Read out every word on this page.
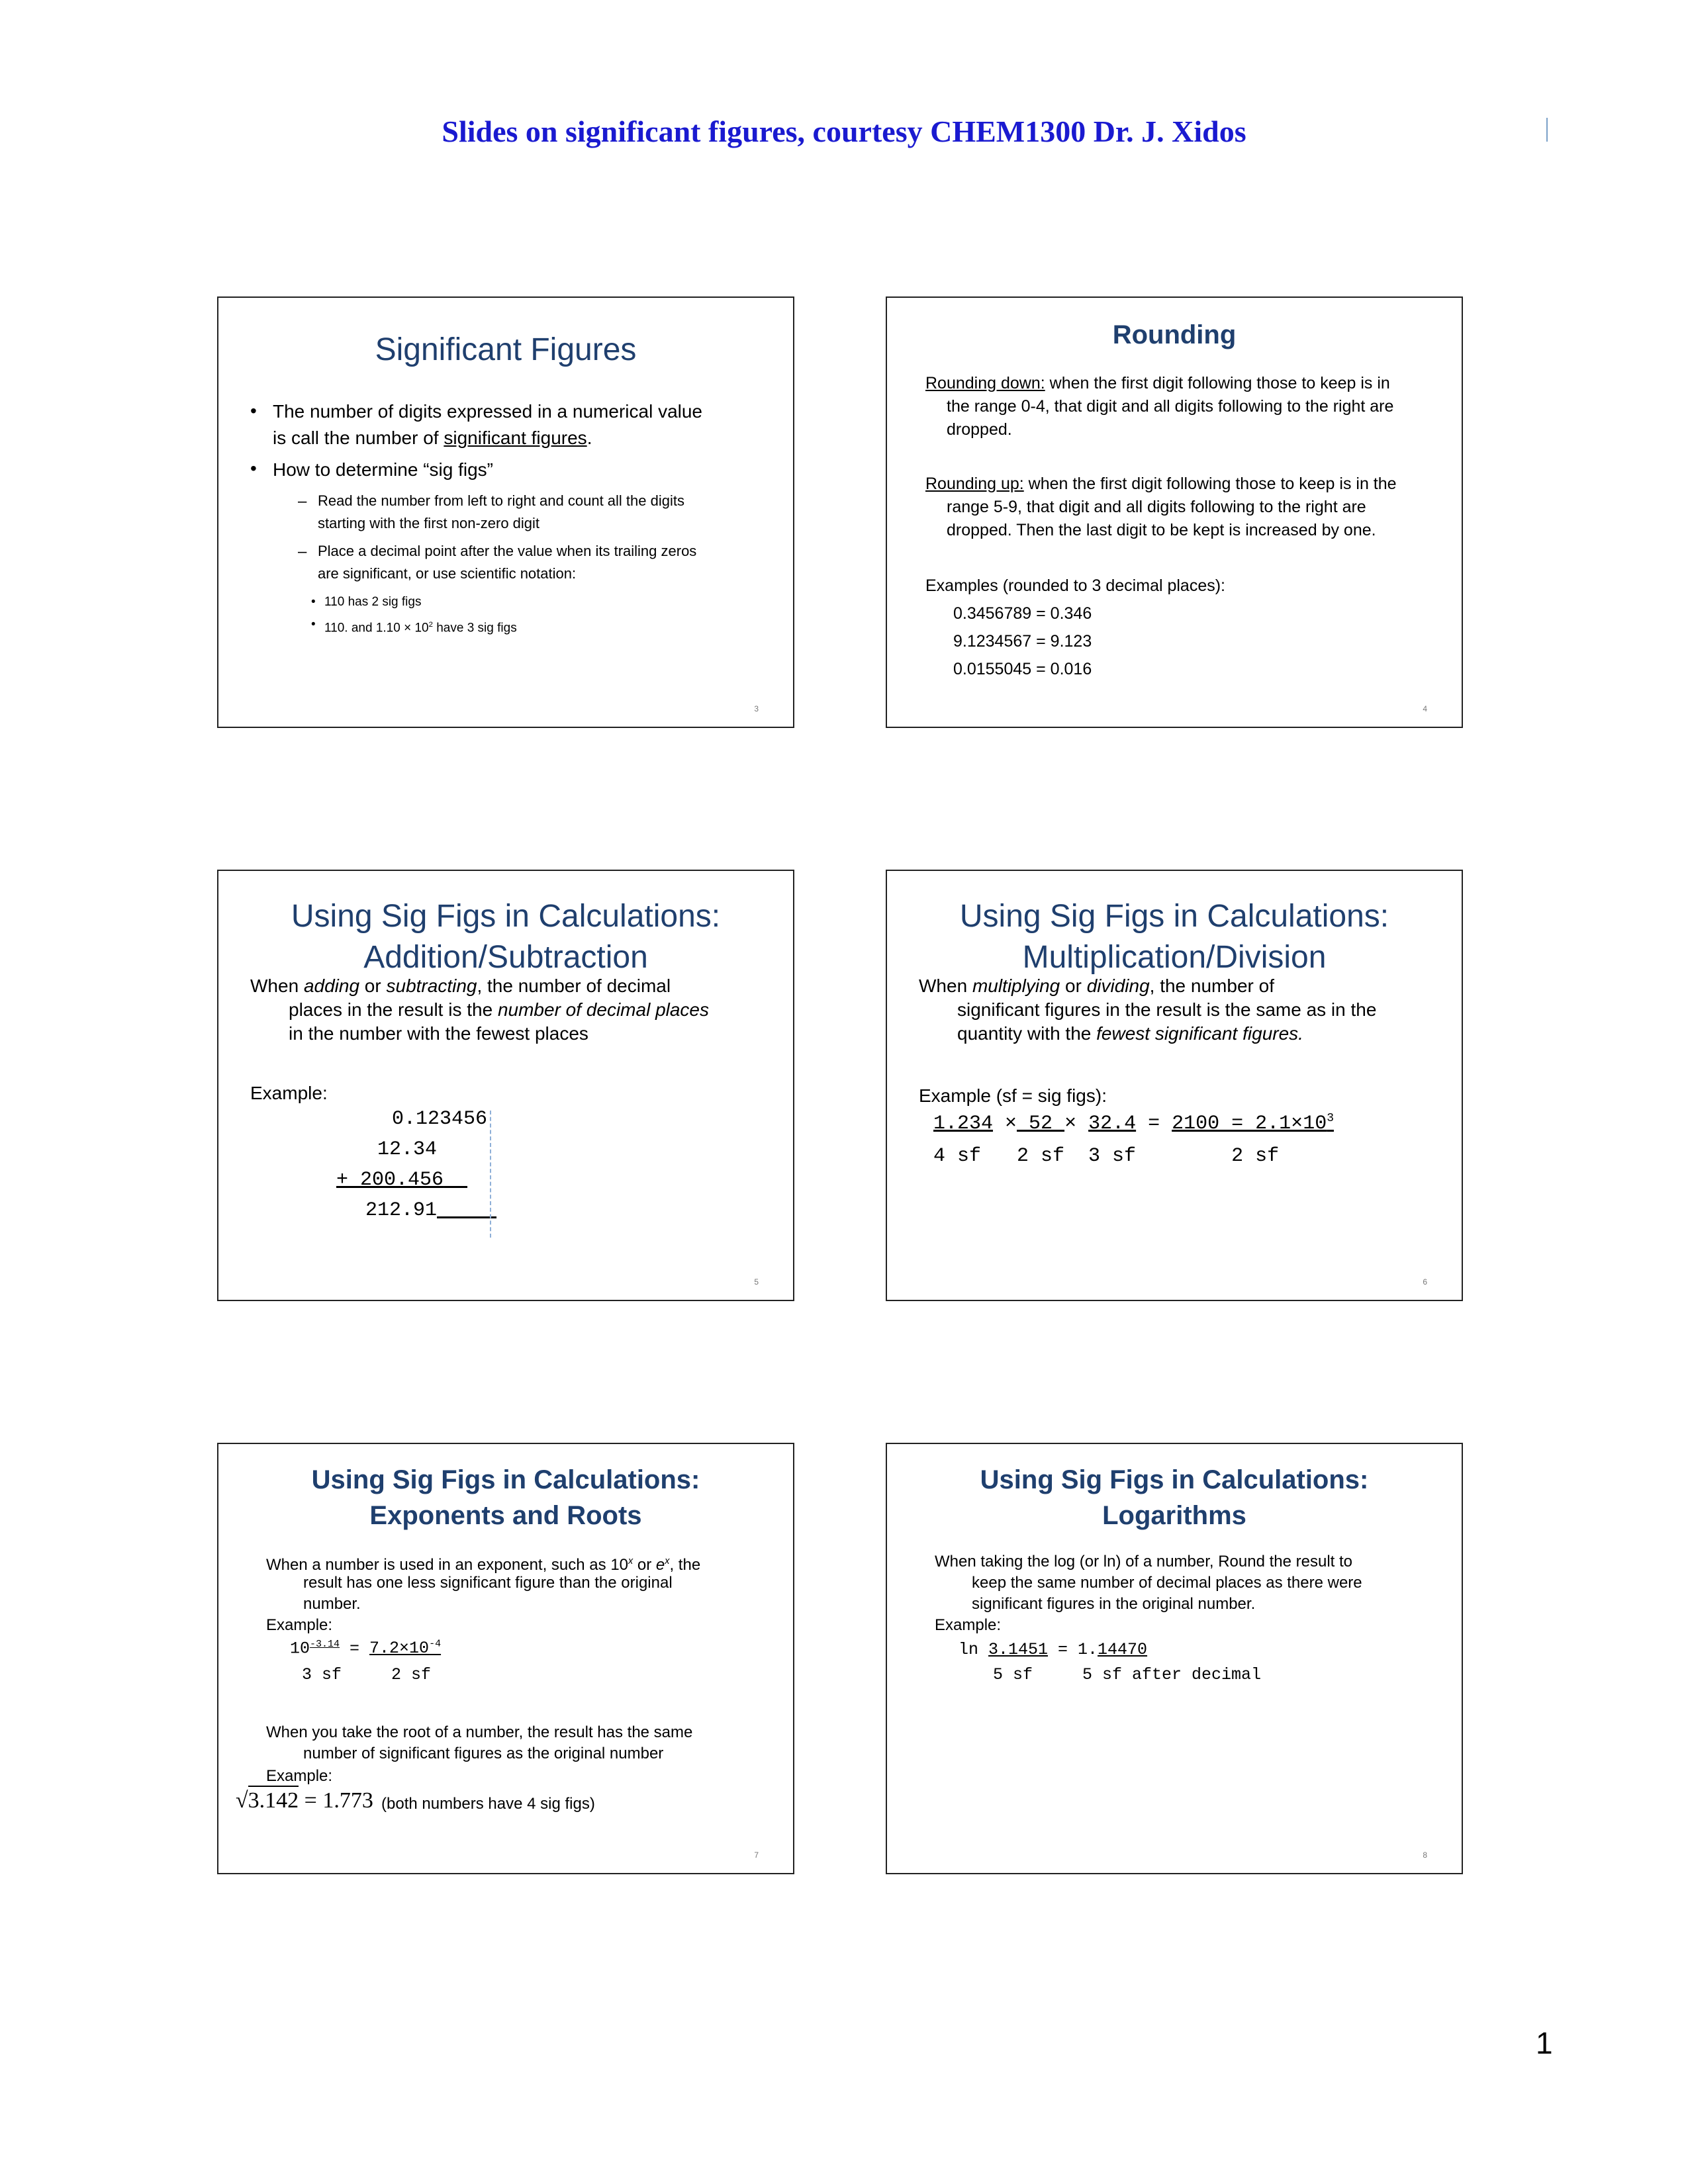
Slides on significant figures, courtesy CHEM1300 Dr. J. Xidos
Significant Figures
• The number of digits expressed in a numerical value
is call the number of significant figures.
• How to determine “sig figs”
– Read the number from left to right and count all the digits
starting with the first non-zero digit
– Place a decimal point after the value when its trailing zeros
are significant, or use scientific notation:
• 110 has 2 sig figs
• 110. and $1.10 \times 10^2$ have 3 sig figs
3
Rounding
Rounding down: when the first digit following those to keep is in
the range 0-4, that digit and all digits following to the right are
dropped.
Rounding up: when the first digit following those to keep is in the
range 5-9, that digit and all digits following to the right are
dropped. Then the last digit to be kept is increased by one.
Examples (rounded to 3 decimal places):
0.3456789 = 0.346
9.1234567 = 9.123
0.0155045 = 0.016
4
Using Sig Figs in Calculations:
Addition/Subtraction
When adding or subtracting, the number of decimal
places in the result is the number of decimal places
in the number with the fewest places
Example:
0.123456
12.34
+ 200.456
212.91
5
Using Sig Figs in Calculations:
Multiplication/Division
When multiplying or dividing, the number of
significant figures in the result is the same as in the
quantity with the fewest significant figures.
Example (sf = sig figs):
$1.234 \times 52 \times 32.4 = 2100 = 2.1\times 10^3$
4 sf   2 sf  3 sf        2 sf
6
Using Sig Figs in Calculations:
Exponents and Roots
When a number is used in an exponent, such as 10$^x$ or $e^x$, the
result has one less significant figure than the original
number.
Example:
$10^{-3.14} = 7.2\times 10^{-4}$
3 sf     2 sf
When you take the root of a number, the result has the same
number of significant figures as the original number
Example:
√3.142 = 1.773 (both numbers have 4 sig figs)
7
Using Sig Figs in Calculations:
Logarithms
When taking the log (or ln) of a number, Round the result to
keep the same number of decimal places as there were
significant figures in the original number.
Example:
ln 3.1451 = 1.14470
5 sf     5 sf after decimal
8
1
